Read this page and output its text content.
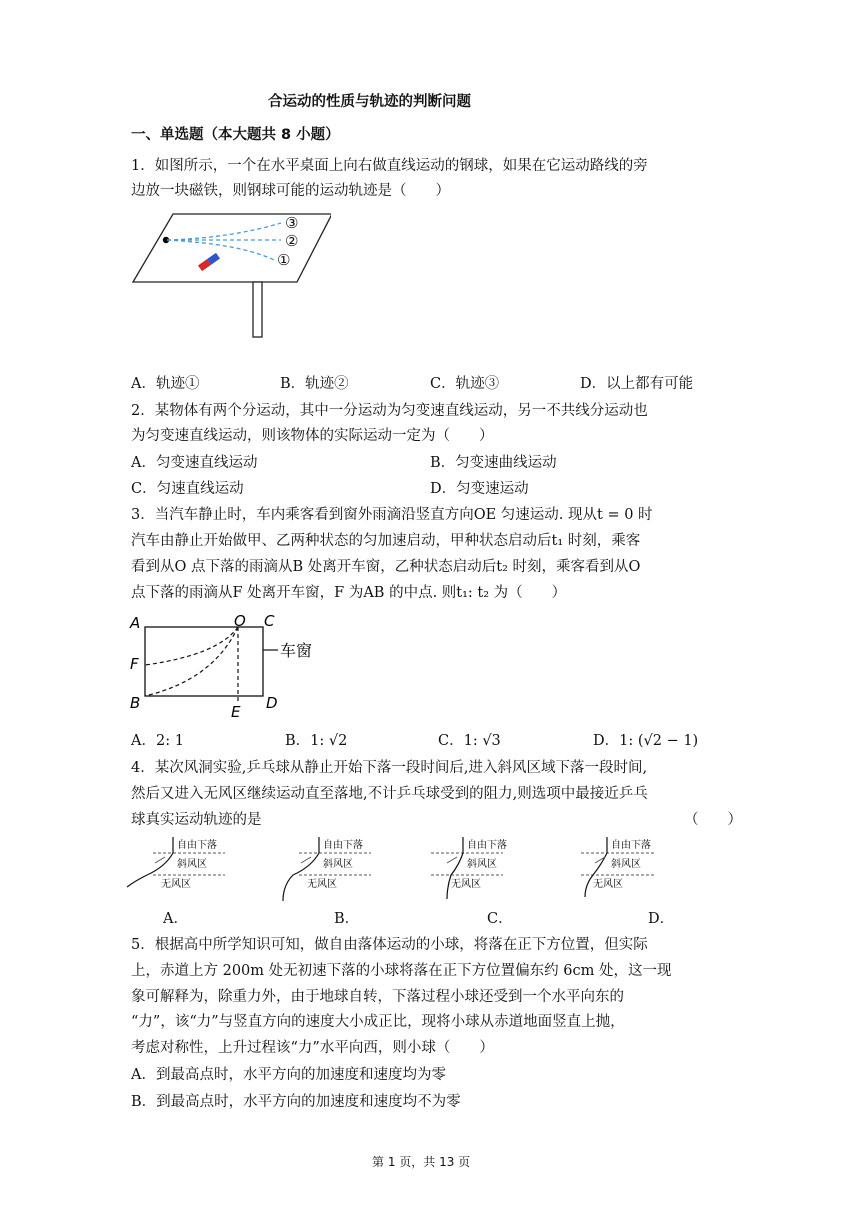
合运动的性质与轨迹的判断问题
一、单选题（本大题共 8 小题）
1．如图所示，一个在水平桌面上向右做直线运动的钢球，如果在它运动路线的旁
边放一块磁铁，则钢球可能的运动轨迹是（　　）
③
②
①
A．轨迹①	B．轨迹②	C．轨迹③	D．以上都有可能
2．某物体有两个分运动，其中一分运动为匀变速直线运动，另一不共线分运动也
为匀变速直线运动，则该物体的实际运动一定为（　　）
A．匀变速直线运动	B．匀变速曲线运动
C．匀速直线运动	D．匀变速运动
3．当汽车静止时，车内乘客看到窗外雨滴沿竖直方向OE 匀速运动. 现从t = 0 时
汽车由静止开始做甲、乙两种状态的匀加速启动，甲种状态启动后t₁ 时刻，乘客
看到从O 点下落的雨滴从B 处离开车窗，乙种状态启动后t₂ 时刻，乘客看到从O
点下落的雨滴从F 处离开车窗，F 为AB 的中点. 则t₁: t₂ 为（　　）
A
B
C
D
O
E
F
车窗
A．2: 1	B．1: √2	C．1: √3	D．1: (√2 − 1)
4．某次风洞实验,乒乓球从静止开始下落一段时间后,进入斜风区域下落一段时间,
然后又进入无风区继续运动直至落地,不计乒乓球受到的阻力,则选项中最接近乒乓
球真实运动轨迹的是	（　　）
自由下落
斜风区
无风区
自由下落
斜风区
无风区
自由下落
斜风区
无风区
自由下落
斜风区
无风区
A．	B．	C．	D．
5．根据高中所学知识可知，做自由落体运动的小球，将落在正下方位置，但实际
上，赤道上方 200m 处无初速下落的小球将落在正下方位置偏东约 6cm 处，这一现
象可解释为，除重力外，由于地球自转，下落过程小球还受到一个水平向东的
“力”，该“力”与竖直方向的速度大小成正比，现将小球从赤道地面竖直上抛，
考虑对称性，上升过程该“力”水平向西，则小球（　　）
A．到最高点时，水平方向的加速度和速度均为零
B．到最高点时，水平方向的加速度和速度均不为零
第 1 页，共 13 页
